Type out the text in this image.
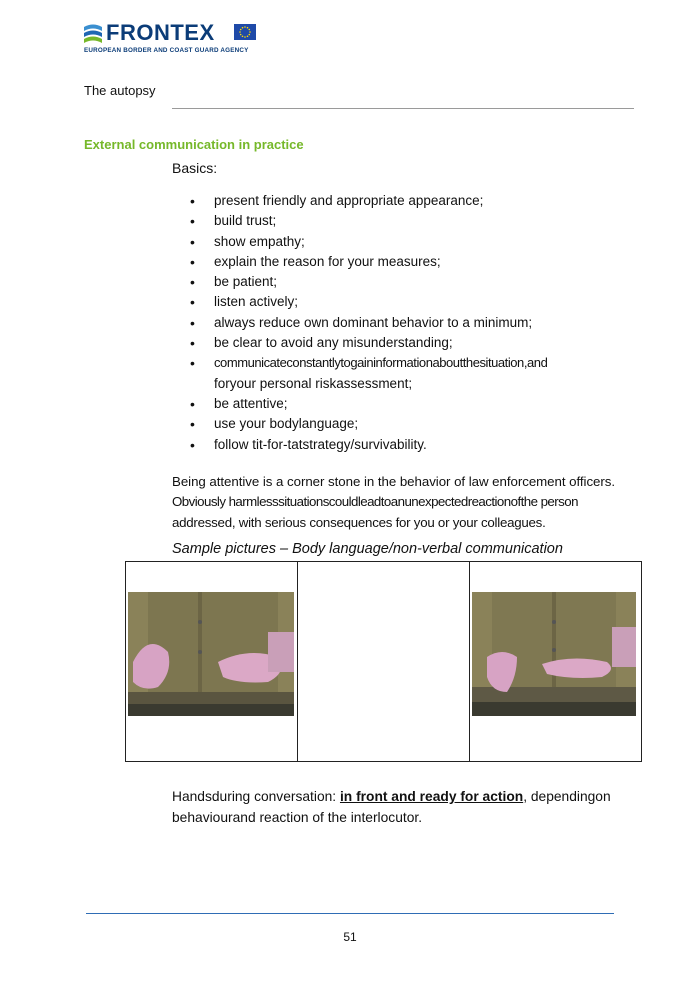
FRONTEX
EUROPEAN BORDER AND COAST GUARD AGENCY
The autopsy
External communication in practice
Basics:
• present friendly and appropriate appearance;
• build trust;
• show empathy;
• explain the reason for your measures;
• be patient;
• listen actively;
• always reduce own dominant behavior to a minimum;
• be clear to avoid any misunderstanding;
• communicateconstantlytogaininformationaboutthesituation,and
foryour personal riskassessment;
• be attentive;
• use your bodylanguage;
• follow tit-for-tatstrategy/survivability.
Being attentive is a corner stone in the behavior of law enforcement officers.
Obviously harmlesssituationscouldleadtoanunexpectedreactionofthe person
addressed, with serious consequences for you or your colleagues.
Sample pictures – Body language/non-verbal communication
Handsduring conversation: in front and ready for action, dependingon
behaviourand reaction of the interlocutor.
51
